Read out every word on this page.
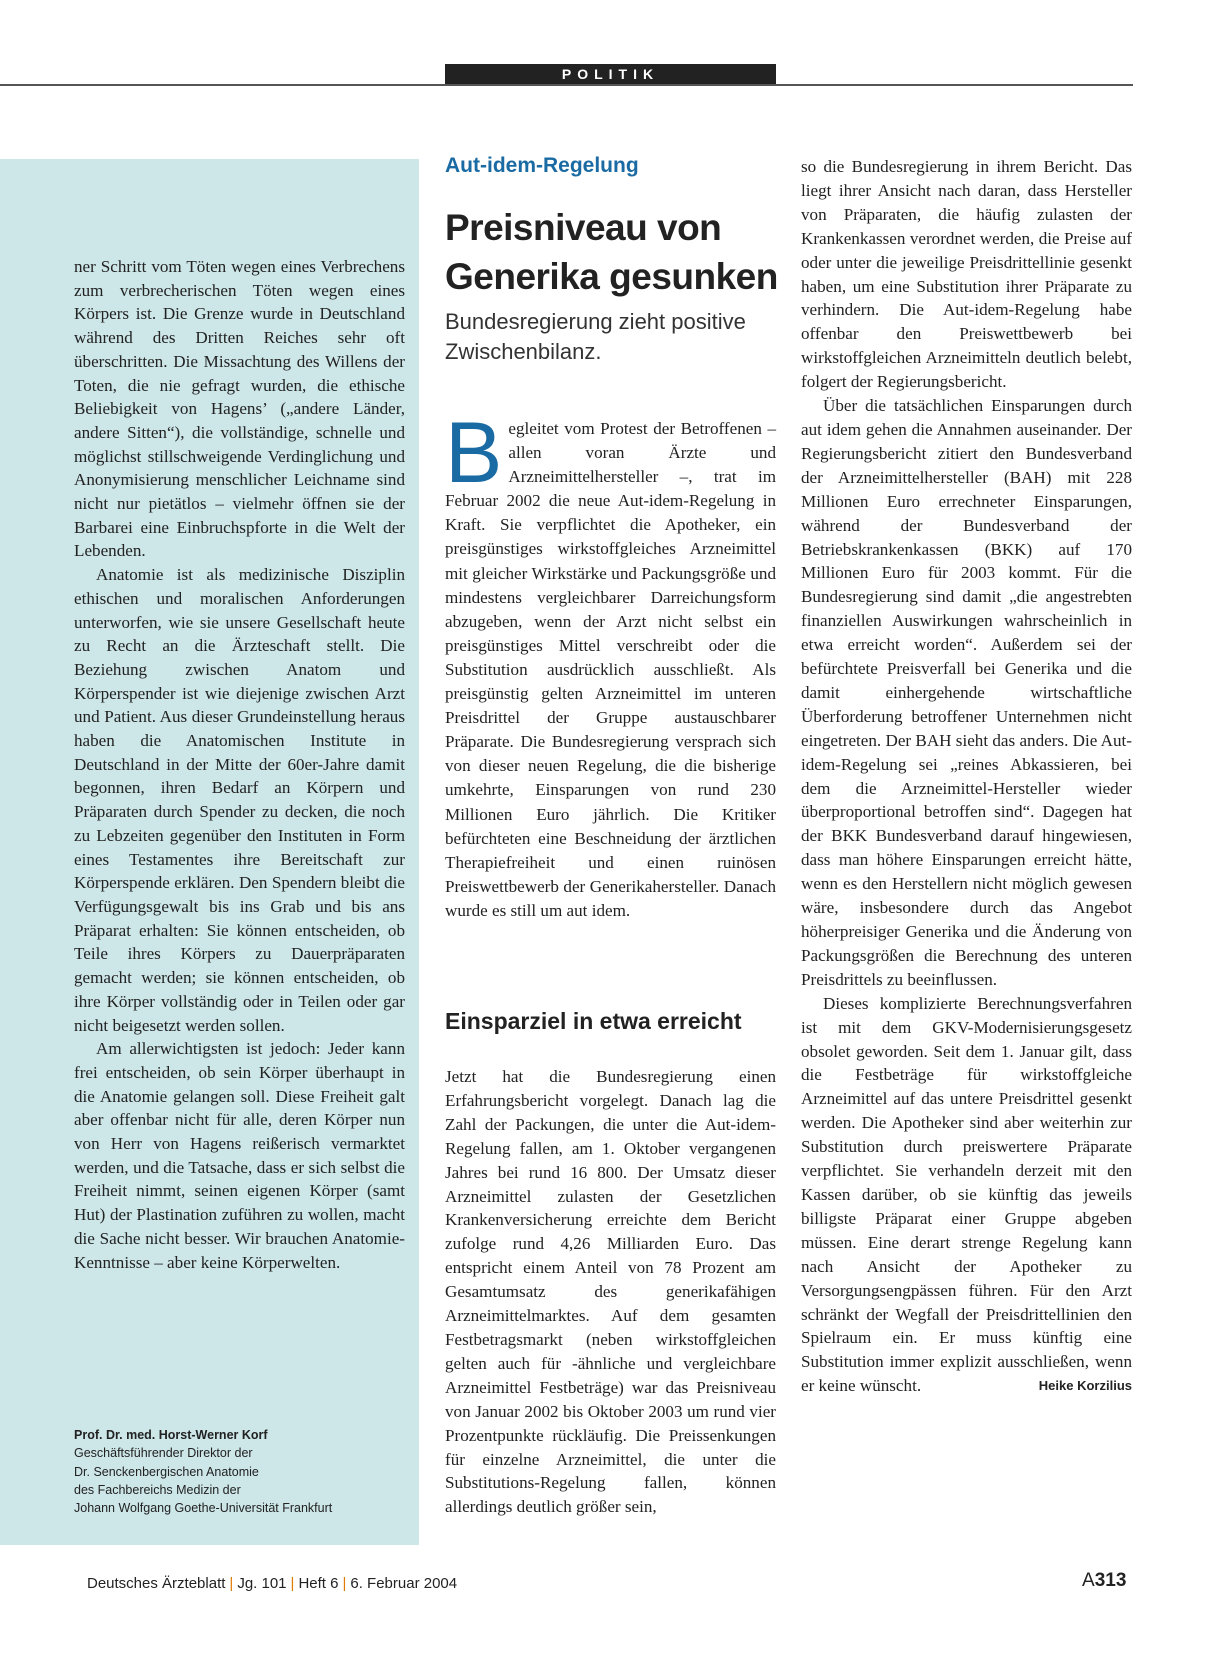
POLITIK

ner Schritt vom Töten wegen eines Verbrechens zum verbrecherischen Töten wegen eines Körpers ist. Die Grenze wurde in Deutschland während des Dritten Reiches sehr oft überschritten. Die Missachtung des Willens der Toten, die nie gefragt wurden, die ethische Beliebigkeit von Hagens’ („andere Länder, andere Sitten“), die vollständige, schnelle und möglichst stillschweigende Verdinglichung und Anonymisierung menschlicher Leichname sind nicht nur pietätlos – vielmehr öffnen sie der Barbarei eine Einbruchspforte in die Welt der Lebenden.

Anatomie ist als medizinische Disziplin ethischen und moralischen Anforderungen unterworfen, wie sie unsere Gesellschaft heute zu Recht an die Ärzteschaft stellt. Die Beziehung zwischen Anatom und Körperspender ist wie diejenige zwischen Arzt und Patient. Aus dieser Grundeinstellung heraus haben die Anatomischen Institute in Deutschland in der Mitte der 60er-Jahre damit begonnen, ihren Bedarf an Körpern und Präparaten durch Spender zu decken, die noch zu Lebzeiten gegenüber den Instituten in Form eines Testamentes ihre Bereitschaft zur Körperspende erklären. Den Spendern bleibt die Verfügungsgewalt bis ins Grab und bis ans Präparat erhalten: Sie können entscheiden, ob Teile ihres Körpers zu Dauerpräparaten gemacht werden; sie können entscheiden, ob ihre Körper vollständig oder in Teilen oder gar nicht beigesetzt werden sollen.

Am allerwichtigsten ist jedoch: Jeder kann frei entscheiden, ob sein Körper überhaupt in die Anatomie gelangen soll. Diese Freiheit galt aber offenbar nicht für alle, deren Körper nun von Herr von Hagens reißerisch vermarktet werden, und die Tatsache, dass er sich selbst die Freiheit nimmt, seinen eigenen Körper (samt Hut) der Plastination zuführen zu wollen, macht die Sache nicht besser. Wir brauchen Anatomie-Kenntnisse – aber keine Körperwelten.

Prof. Dr. med. Horst-Werner Korf
Geschäftsführender Direktor der
Dr. Senckenbergischen Anatomie
des Fachbereichs Medizin der
Johann Wolfgang Goethe-Universität Frankfurt
Aut-idem-Regelung
Preisniveau von Generika gesunken
Bundesregierung zieht positive Zwischenbilanz.
B egleitet vom Protest der Betroffenen – allen voran Ärzte und Arzneimittelhersteller –, trat im Februar 2002 die neue Aut-idem-Regelung in Kraft. Sie verpflichtet die Apotheker, ein preisgünstiges wirkstoffgleiches Arzneimittel mit gleicher Wirkstärke und Packungsgröße und mindestens vergleichbarer Darreichungsform abzugeben, wenn der Arzt nicht selbst ein preisgünstiges Mittel verschreibt oder die Substitution ausdrücklich ausschließt. Als preisgünstig gelten Arzneimittel im unteren Preisdrittel der Gruppe austauschbarer Präparate. Die Bundesregierung versprach sich von dieser neuen Regelung, die die bisherige umkehrte, Einsparungen von rund 230 Millionen Euro jährlich. Die Kritiker befürchteten eine Beschneidung der ärztlichen Therapiefreiheit und einen ruinösen Preiswettbewerb der Generikahersteller. Danach wurde es still um aut idem.

Einsparziel in etwa erreicht

Jetzt hat die Bundesregierung einen Erfahrungsbericht vorgelegt. Danach lag die Zahl der Packungen, die unter die Aut-idem-Regelung fallen, am 1. Oktober vergangenen Jahres bei rund 16 800. Der Umsatz dieser Arzneimittel zulasten der Gesetzlichen Krankenversicherung erreichte dem Bericht zufolge rund 4,26 Milliarden Euro. Das entspricht einem Anteil von 78 Prozent am Gesamtumsatz des generikafähigen Arzneimittelmarktes. Auf dem gesamten Festbetragsmarkt (neben wirkstoffgleichen gelten auch für -ähnliche und vergleichbare Arzneimittel Festbeträge) war das Preisniveau von Januar 2002 bis Oktober 2003 um rund vier Prozentpunkte rückläufig. Die Preissenkungen für einzelne Arzneimittel, die unter die Substitutions-Regelung fallen, können allerdings deutlich größer sein,

so die Bundesregierung in ihrem Bericht. Das liegt ihrer Ansicht nach daran, dass Hersteller von Präparaten, die häufig zulasten der Krankenkassen verordnet werden, die Preise auf oder unter die jeweilige Preisdrittellinie gesenkt haben, um eine Substitution ihrer Präparate zu verhindern. Die Aut-idem-Regelung habe offenbar den Preiswettbewerb bei wirkstoffgleichen Arzneimitteln deutlich belebt, folgert der Regierungsbericht.

Über die tatsächlichen Einsparungen durch aut idem gehen die Annahmen auseinander. Der Regierungsbericht zitiert den Bundesverband der Arzneimittelhersteller (BAH) mit 228 Millionen Euro errechneter Einsparungen, während der Bundesverband der Betriebskrankenkassen (BKK) auf 170 Millionen Euro für 2003 kommt. Für die Bundesregierung sind damit „die angestrebten finanziellen Auswirkungen wahrscheinlich in etwa erreicht worden“. Außerdem sei der befürchtete Preisverfall bei Generika und die damit einhergehende wirtschaftliche Überforderung betroffener Unternehmen nicht eingetreten. Der BAH sieht das anders. Die Aut-idem-Regelung sei „reines Abkassieren, bei dem die Arzneimittel-Hersteller wieder überproportional betroffen sind“. Dagegen hat der BKK Bundesverband darauf hingewiesen, dass man höhere Einsparungen erreicht hätte, wenn es den Herstellern nicht möglich gewesen wäre, insbesondere durch das Angebot höherpreisiger Generika und die Änderung von Packungsgrößen die Berechnung des unteren Preisdrittels zu beeinflussen.

Dieses komplizierte Berechnungsverfahren ist mit dem GKV-Modernisierungsgesetz obsolet geworden. Seit dem 1. Januar gilt, dass die Festbeträge für wirkstoffgleiche Arzneimittel auf das untere Preisdrittel gesenkt werden. Die Apotheker sind aber weiterhin zur Substitution durch preiswertere Präparate verpflichtet. Sie verhandeln derzeit mit den Kassen darüber, ob sie künftig das jeweils billigste Präparat einer Gruppe abgeben müssen. Eine derart strenge Regelung kann nach Ansicht der Apotheker zu Versorgungsengpässen führen. Für den Arzt schränkt der Wegfall der Preisdrittellinien den Spielraum ein. Er muss künftig eine Substitution immer explizit ausschließen, wenn er keine wünscht.	Heike Korzilius

Deutsches Ärzteblatt | Jg. 101 | Heft 6 | 6. Februar 2004	A313
